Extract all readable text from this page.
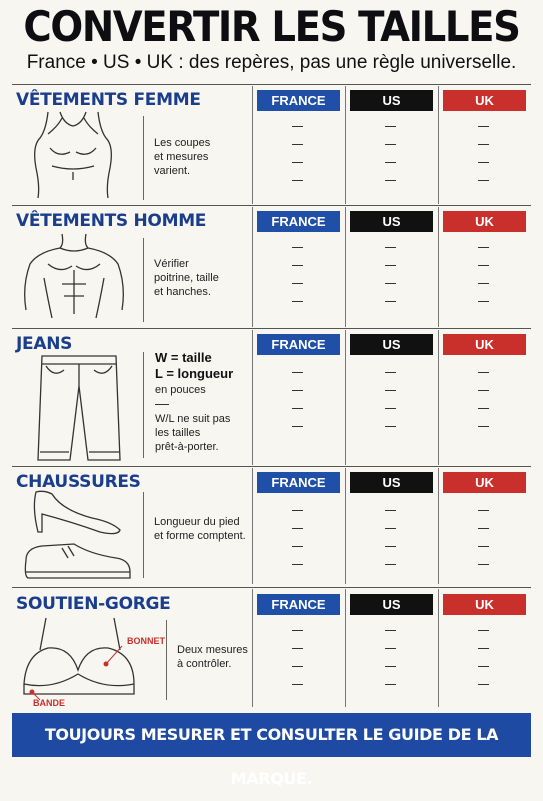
CONVERTIR LES TAILLES
France • US • UK : des repères, pas une règle universelle.
VÊTEMENTS FEMME
Les coupes
et mesures
varient.
FRANCE	US	UK
VÊTEMENTS HOMME
Vérifier
poitrine, taille
et hanches.
FRANCE	US	UK
JEANS
W = taille
L = longueur
en pouces
W/L ne suit pas
les tailles
prêt-à-porter.
FRANCE	US	UK
CHAUSSURES
Longueur du pied
et forme comptent.
FRANCE	US	UK
SOUTIEN-GORGE
BONNET
BANDE
Deux mesures
à contrôler.
FRANCE	US	UK
TOUJOURS MESURER ET CONSULTER LE GUIDE DE LA MARQUE.
